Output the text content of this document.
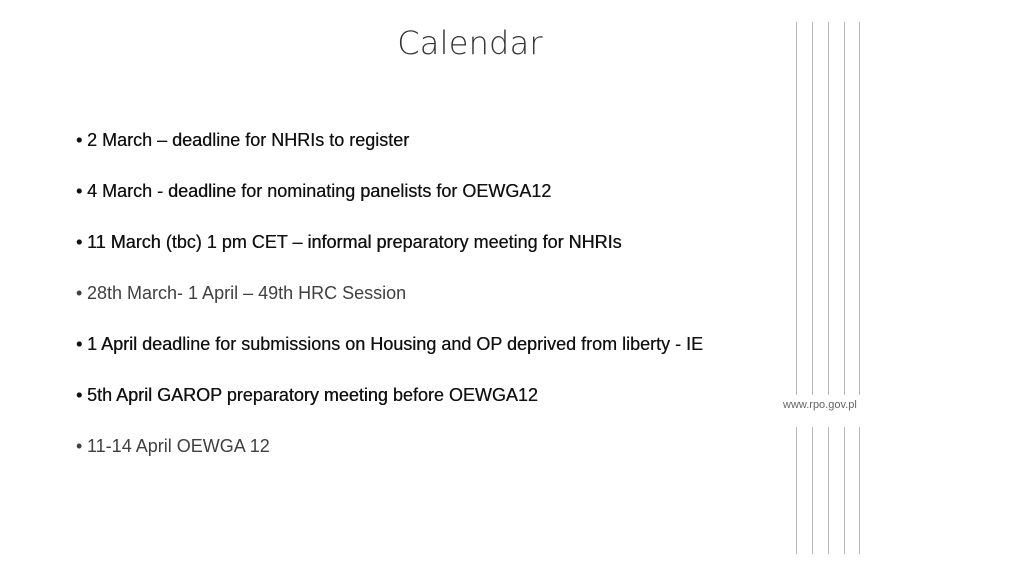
Calendar
• 2 March – deadline for NHRIs to register
• 4 March - deadline for nominating panelists for OEWGA12
• 11 March (tbc) 1 pm CET – informal preparatory meeting for NHRIs
• 28th March- 1 April – 49th HRC Session
• 1 April deadline for submissions on Housing and OP deprived from liberty - IE
• 5th April GAROP preparatory meeting before OEWGA12
• 11-14 April OEWGA 12
www.rpo.gov.pl
